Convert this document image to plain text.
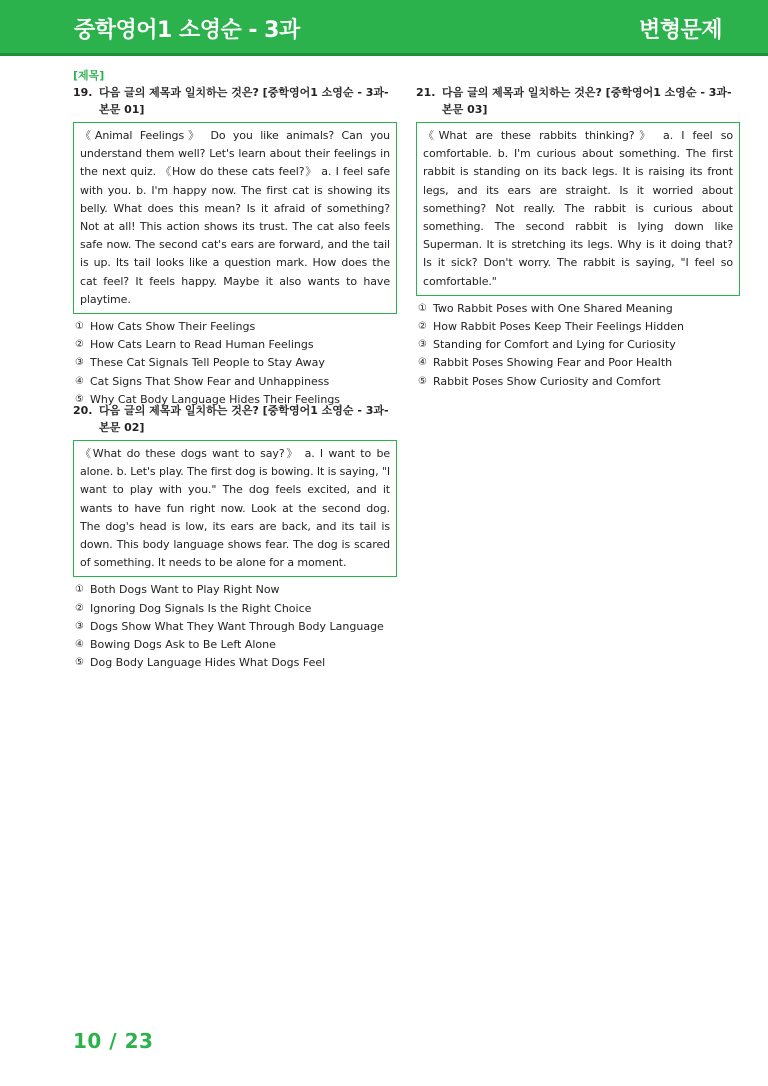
중학영어1 소영순 - 3과	변형문제
[제목]
19. 다음 글의 제목과 일치하는 것은? [중학영어1 소영순 - 3과-본문 01]
《Animal Feelings》 Do you like animals? Can you understand them well? Let's learn about their feelings in the next quiz. 《How do these cats feel?》 a. I feel safe with you. b. I'm happy now. The first cat is showing its belly. What does this mean? Is it afraid of something? Not at all! This action shows its trust. The cat also feels safe now. The second cat's ears are forward, and the tail is up. Its tail looks like a question mark. How does the cat feel? It feels happy. Maybe it also wants to have playtime.
① How Cats Show Their Feelings
② How Cats Learn to Read Human Feelings
③ These Cat Signals Tell People to Stay Away
④ Cat Signs That Show Fear and Unhappiness
⑤ Why Cat Body Language Hides Their Feelings
20. 다음 글의 제목과 일치하는 것은? [중학영어1 소영순 - 3과-본문 02]
《What do these dogs want to say?》 a. I want to be alone. b. Let's play. The first dog is bowing. It is saying, "I want to play with you." The dog feels excited, and it wants to have fun right now. Look at the second dog. The dog's head is low, its ears are back, and its tail is down. This body language shows fear. The dog is scared of something. It needs to be alone for a moment.
① Both Dogs Want to Play Right Now
② Ignoring Dog Signals Is the Right Choice
③ Dogs Show What They Want Through Body Language
④ Bowing Dogs Ask to Be Left Alone
⑤ Dog Body Language Hides What Dogs Feel
21. 다음 글의 제목과 일치하는 것은? [중학영어1 소영순 - 3과-본문 03]
《What are these rabbits thinking?》 a. I feel so comfortable. b. I'm curious about something. The first rabbit is standing on its back legs. It is raising its front legs, and its ears are straight. Is it worried about something? Not really. The rabbit is curious about something. The second rabbit is lying down like Superman. It is stretching its legs. Why is it doing that? Is it sick? Don't worry. The rabbit is saying, "I feel so comfortable."
① Two Rabbit Poses with One Shared Meaning
② How Rabbit Poses Keep Their Feelings Hidden
③ Standing for Comfort and Lying for Curiosity
④ Rabbit Poses Showing Fear and Poor Health
⑤ Rabbit Poses Show Curiosity and Comfort
10 / 23
